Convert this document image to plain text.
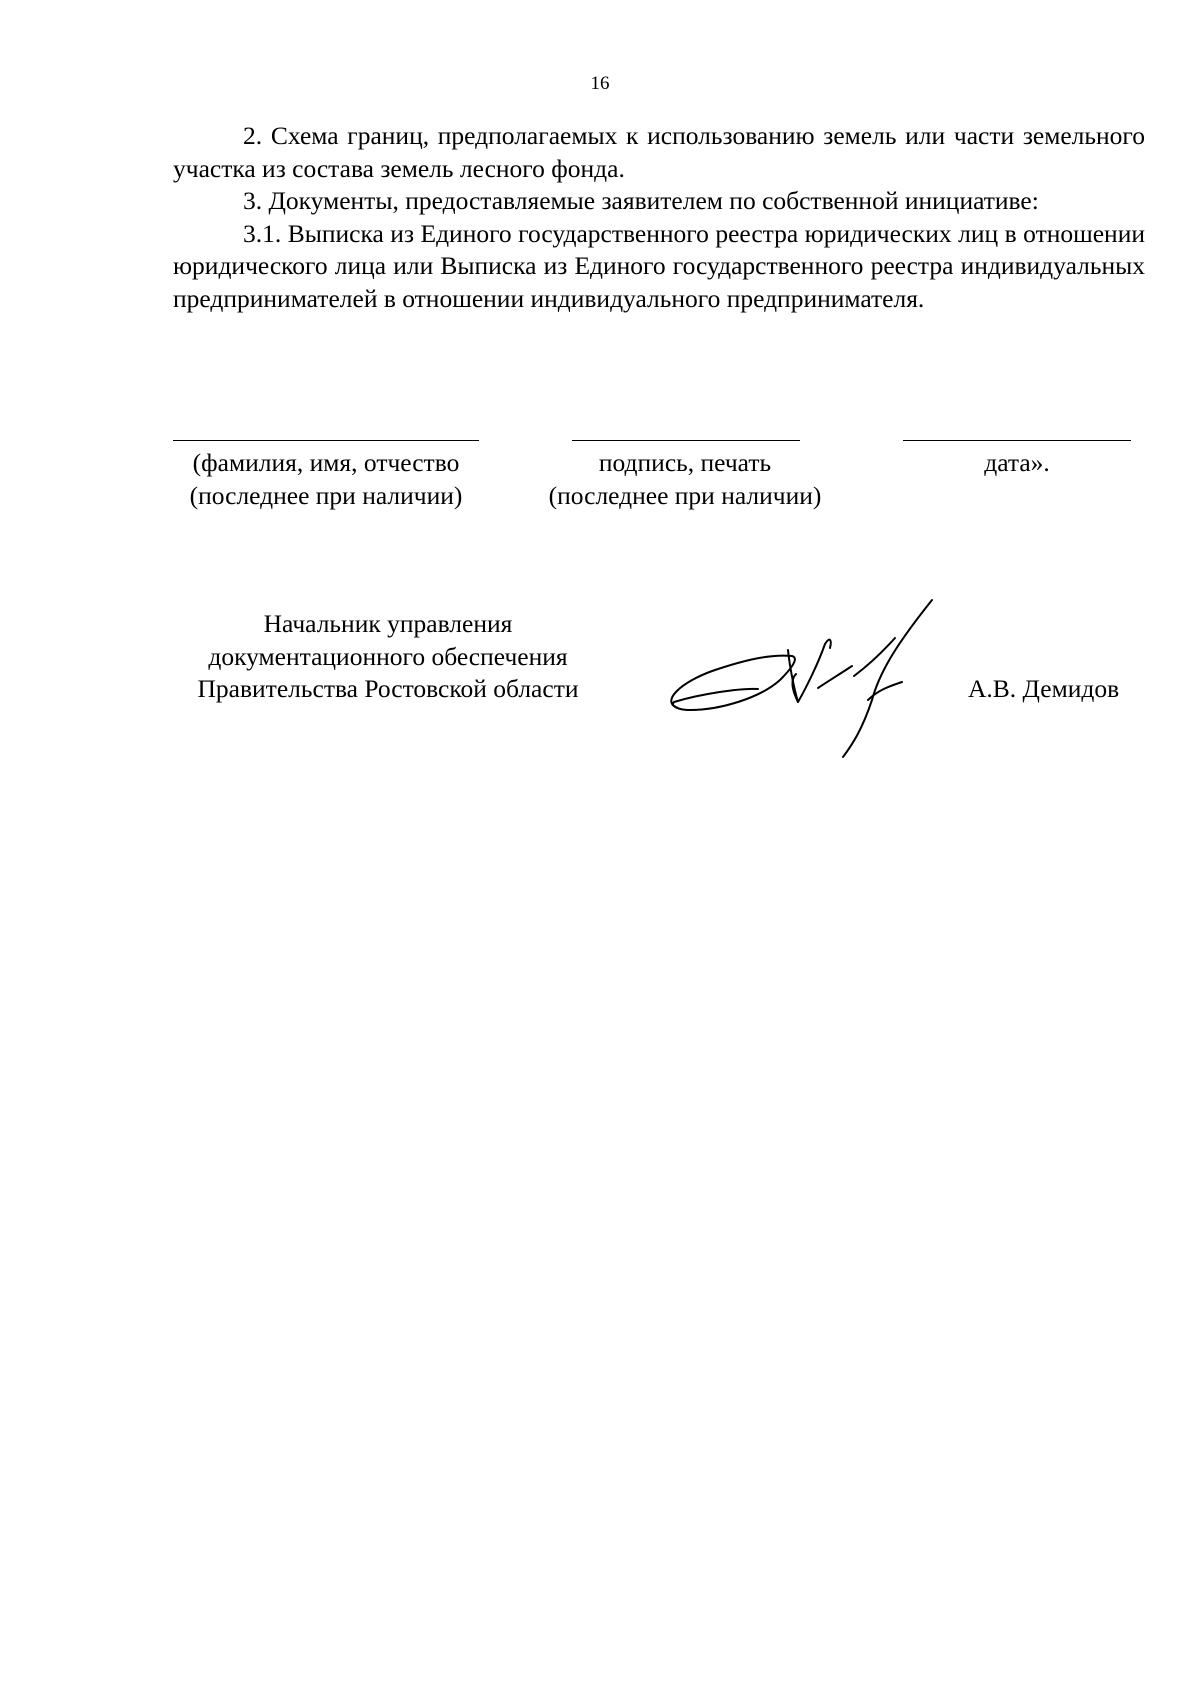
16

2. Схема границ, предполагаемых к использованию земель или части земельного участка из состава земель лесного фонда.

3. Документы, предоставляемые заявителем по собственной инициативе:

3.1. Выписка из Единого государственного реестра юридических лиц в отношении юридического лица или Выписка из Единого государственного реестра индивидуальных предпринимателей в отношении индивидуального предпринимателя.

(фамилия, имя, отчество
(последнее при наличии)
подпись, печать
(последнее при наличии)
дата».
Начальник управления
документационного обеспечения
Правительства Ростовской области	А.В. Демидов
